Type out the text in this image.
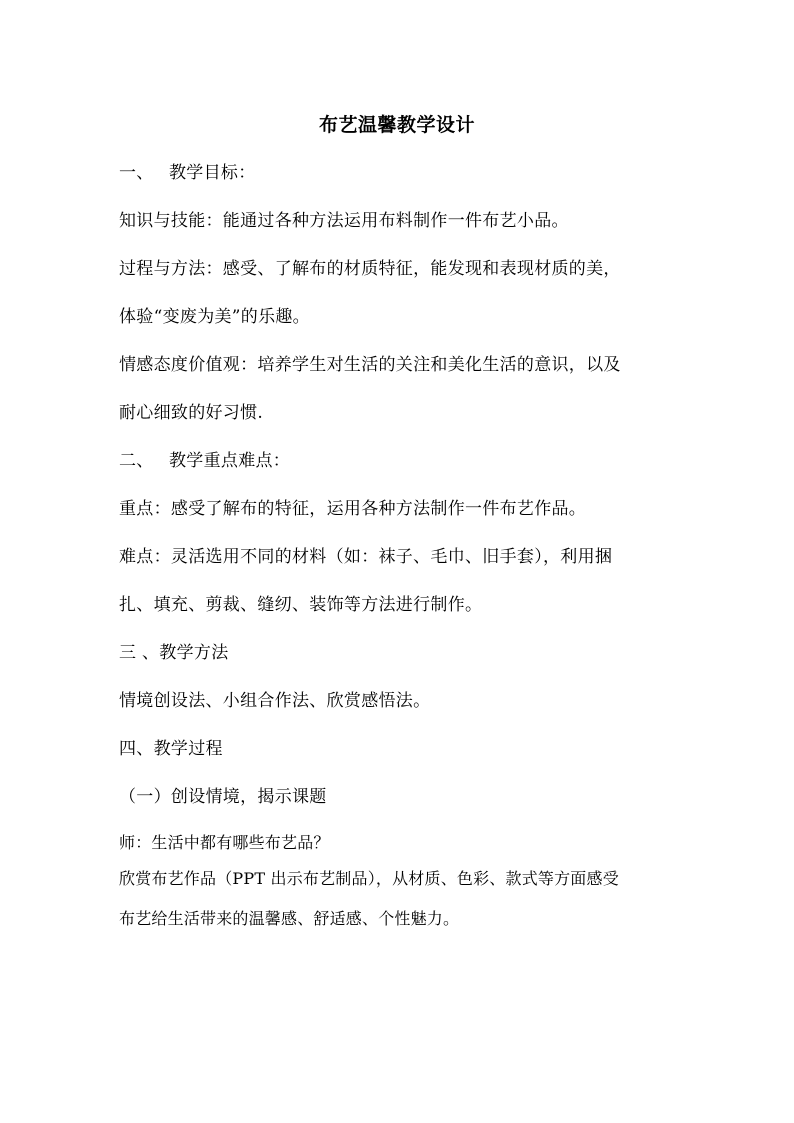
布艺温馨教学设计
一、 教学目标：
知识与技能：能通过各种方法运用布料制作一件布艺小品。
过程与方法：感受、了解布的材质特征，能发现和表现材质的美，
体验“变废为美”的乐趣。
情感态度价值观：培养学生对生活的关注和美化生活的意识，以及
耐心细致的好习惯.
二、 教学重点难点：
重点：感受了解布的特征，运用各种方法制作一件布艺作品。
难点：灵活选用不同的材料（如：袜子、毛巾、旧手套），利用捆
扎、填充、剪裁、缝纫、装饰等方法进行制作。
三 、教学方法
情境创设法、小组合作法、欣赏感悟法。
四、教学过程
（一）创设情境，揭示课题
师：生活中都有哪些布艺品？
欣赏布艺作品（PPT 出示布艺制品），从材质、色彩、款式等方面感受
布艺给生活带来的温馨感、舒适感、个性魅力。
